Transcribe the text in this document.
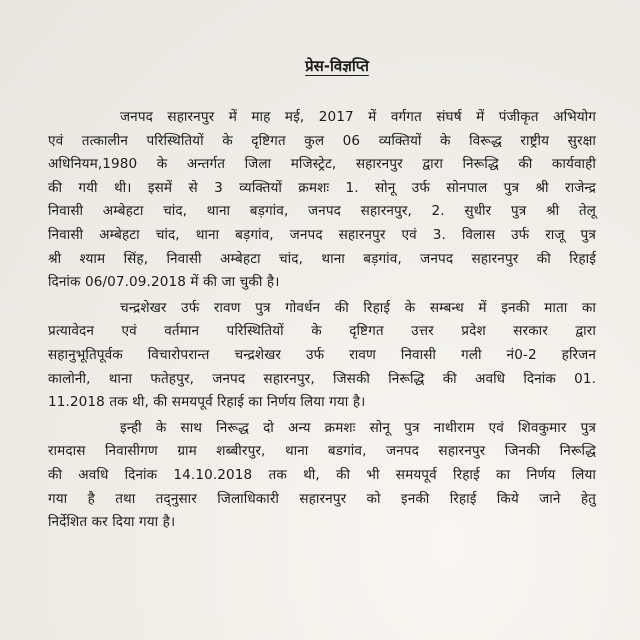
प्रेस-विज्ञप्ति
जनपद सहारनपुर में माह मई, 2017 में वर्गगत संघर्ष में पंजीकृत अभियोग
एवं तत्कालीन परिस्थितियों के दृष्टिगत कुल 06 व्यक्तियों के विरूद्ध राष्ट्रीय सुरक्षा
अधिनियम,1980 के अन्तर्गत जिला मजिस्ट्रेट, सहारनपुर द्वारा निरूद्धि की कार्यवाही
की गयी थी। इसमें से 3 व्यक्तियों क्रमशः 1. सोनू उर्फ सोनपाल पुत्र श्री राजेन्द्र
निवासी अम्बेहटा चांद, थाना बड़गांव, जनपद सहारनपुर, 2. सुधीर पुत्र श्री तेलू
निवासी अम्बेहटा चांद, थाना बड़गांव, जनपद सहारनपुर एवं 3. विलास उर्फ राजू पुत्र
श्री श्याम सिंह, निवासी अम्बेहटा चांद, थाना बड़गांव, जनपद सहारनपुर की रिहाई
दिनांक 06/07.09.2018 में की जा चुकी है।
चन्द्रशेखर उर्फ रावण पुत्र गोवर्धन की रिहाई के सम्बन्ध में इनकी माता का
प्रत्यावेदन एवं वर्तमान परिस्थितियों के दृष्टिगत उत्तर प्रदेश सरकार द्वारा
सहानुभूतिपूर्वक विचारोपरान्त चन्द्रशेखर उर्फ रावण निवासी गली नं0-2 हरिजन
कालोनी, थाना फतेहपुर, जनपद सहारनपुर, जिसकी निरूद्धि की अवधि दिनांक 01.
11.2018 तक थी, की समयपूर्व रिहाई का निर्णय लिया गया है।
इन्ही के साथ निरूद्ध दो अन्य क्रमशः सोनू पुत्र नाथीराम एवं शिवकुमार पुत्र
रामदास निवासीगण ग्राम शब्बीरपुर, थाना बडगांव, जनपद सहारनपुर जिनकी निरूद्धि
की अवधि दिनांक 14.10.2018 तक थी, की भी समयपूर्व रिहाई का निर्णय लिया
गया है तथा तद्नुसार जिलाधिकारी सहारनपुर को इनकी रिहाई किये जाने हेतु
निर्देशित कर दिया गया है।
